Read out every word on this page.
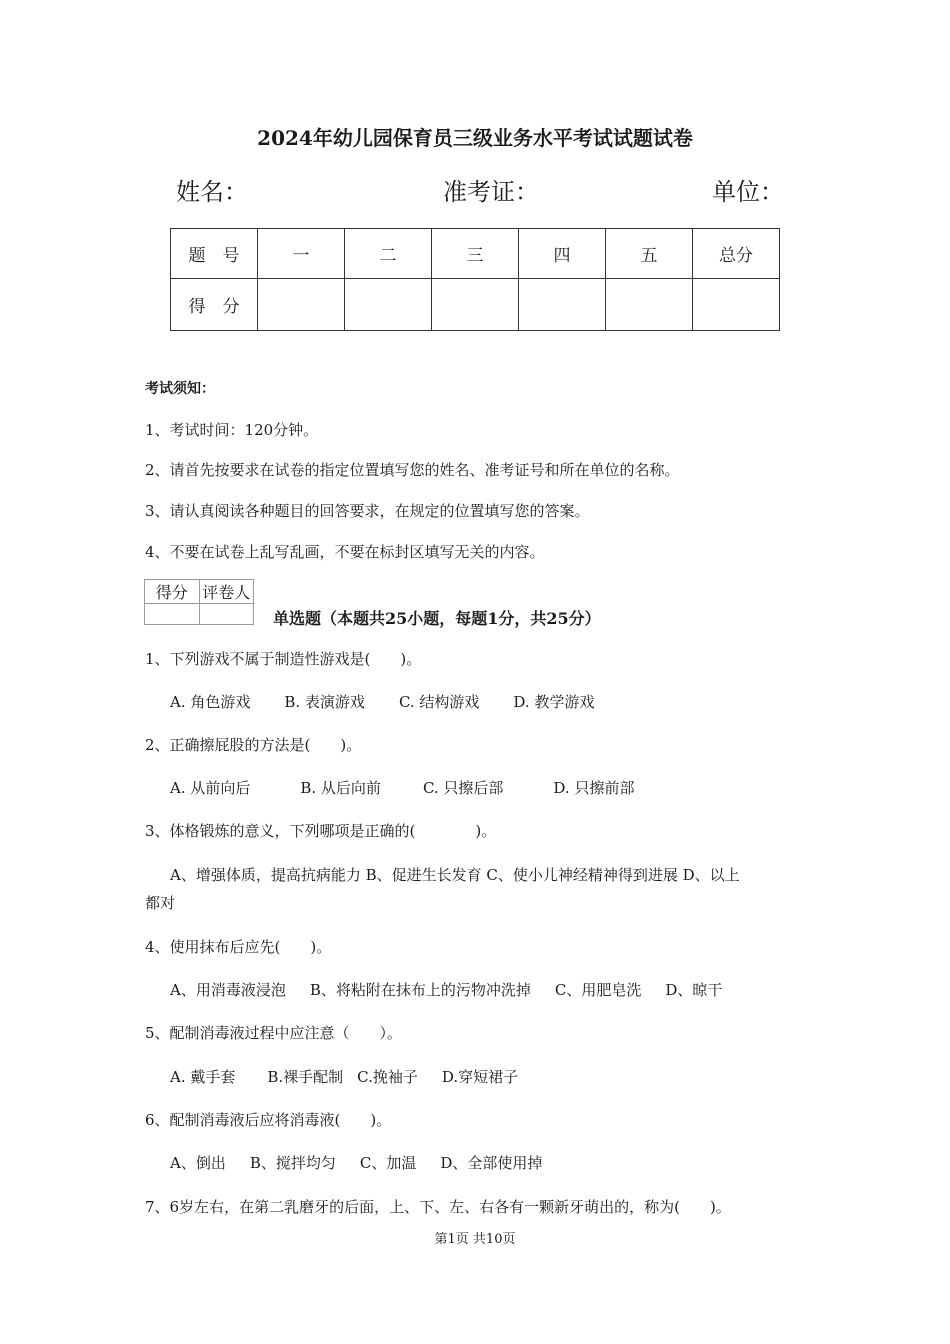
2024年幼儿园保育员三级业务水平考试试题试卷
姓名：	准考证：	单位：
题　号	一	二	三	四	五	总分
得　分						
考试须知：
1、考试时间：120分钟。
2、请首先按要求在试卷的指定位置填写您的姓名、准考证号和所在单位的名称。
3、请认真阅读各种题目的回答要求，在规定的位置填写您的答案。
4、不要在试卷上乱写乱画，不要在标封区填写无关的内容。
得分	评卷人

单选题（本题共25小题，每题1分，共25分）
1、下列游戏不属于制造性游戏是(　　)。
A. 角色游戏 B. 表演游戏 C. 结构游戏 D. 教学游戏
2、正确擦屁股的方法是(　　)。
A. 从前向后	B. 从后向前	C. 只擦后部	D. 只擦前部
3、体格锻炼的意义，下列哪项是正确的(　　　　)。
A、增强体质，提高抗病能力 B、促进生长发育 C、使小儿神经精神得到进展 D、以上
都对
4、使用抹布后应先(　　)。
A、用消毒液浸泡 B、将粘附在抹布上的污物冲洗掉 C、用肥皂洗 D、晾干
5、配制消毒液过程中应注意（　　）。
A. 戴手套 B.裸手配制 C.挽袖子 D.穿短裙子
6、配制消毒液后应将消毒液(　　)。
A、倒出 B、搅拌均匀 C、加温 D、全部使用掉
7、6岁左右，在第二乳磨牙的后面，上、下、左、右各有一颗新牙萌出的，称为(　　)。
第1页 共10页
